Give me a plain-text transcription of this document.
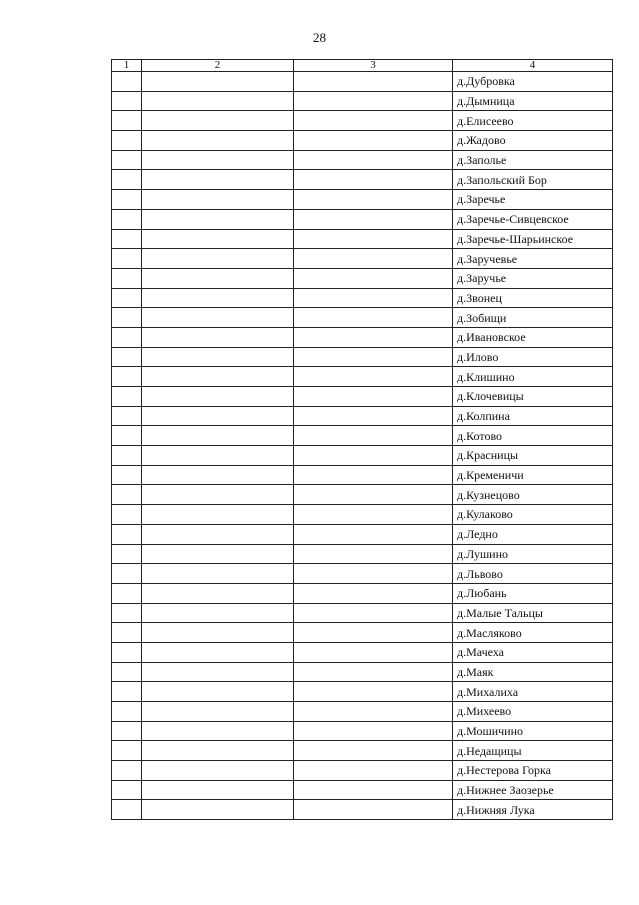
28
1	2	3	4
			д.Дубровка
			д.Дымница
			д.Елисеево
			д.Жадово
			д.Заполье
			д.Запольский Бор
			д.Заречье
			д.Заречье-Сивцевское
			д.Заречье-Шарьинское
			д.Заручевье
			д.Заручье
			д.Звонец
			д.Зобищи
			д.Ивановское
			д.Илово
			д.Клишино
			д.Клочевицы
			д.Колпина
			д.Котово
			д.Красницы
			д.Кременичи
			д.Кузнецово
			д.Кулаково
			д.Ледно
			д.Лушино
			д.Львово
			д.Любань
			д.Малые Тальцы
			д.Масляково
			д.Мачеха
			д.Маяк
			д.Михалиха
			д.Михеево
			д.Мошичино
			д.Недащицы
			д.Нестерова Горка
			д.Нижнее Заозерье
			д.Нижняя Лука
